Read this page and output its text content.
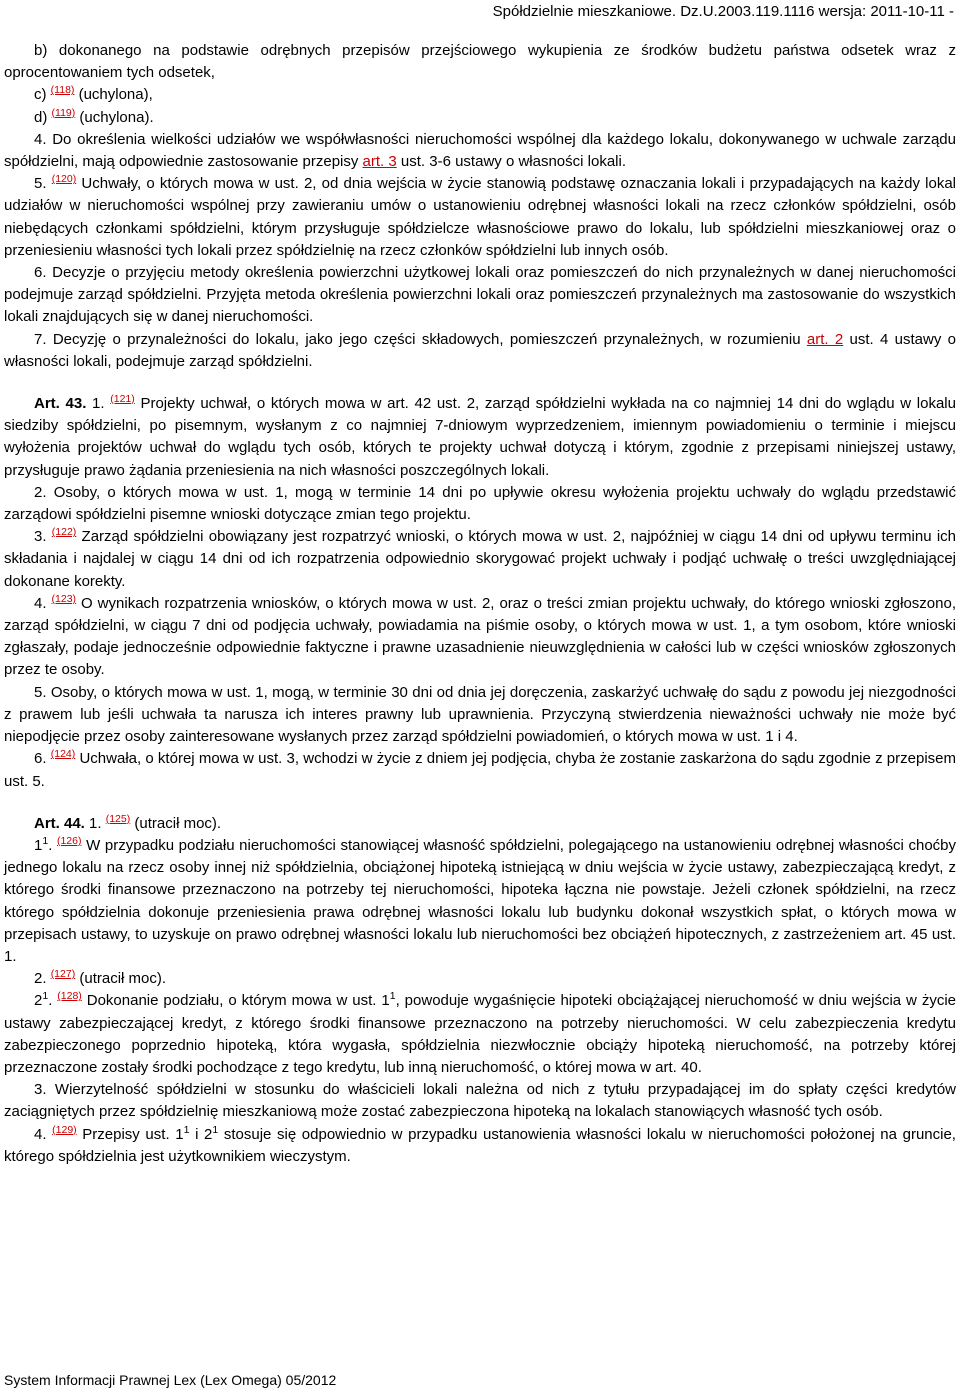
Spółdzielnie mieszkaniowe. Dz.U.2003.119.1116 wersja: 2011-10-11 -

b) dokonanego na podstawie odrębnych przepisów przejściowego wykupienia ze środków budżetu państwa odsetek wraz z oprocentowaniem tych odsetek,

c) $^{(118)}$ (uchylona),

d) $^{(119)}$ (uchylona).

4. Do określenia wielkości udziałów we współwłasności nieruchomości wspólnej dla każdego lokalu, dokonywanego w uchwale zarządu spółdzielni, mają odpowiednie zastosowanie przepisy art. 3 ust. 3-6 ustawy o własności lokali.

5. $^{(120)}$ Uchwały, o których mowa w ust. 2, od dnia wejścia w życie stanowią podstawę oznaczania lokali i przypadających na każdy lokal udziałów w nieruchomości wspólnej przy zawieraniu umów o ustanowieniu odrębnej własności lokali na rzecz członków spółdzielni, osób niebędących członkami spółdzielni, którym przysługuje spółdzielcze własnościowe prawo do lokalu, lub spółdzielni mieszkaniowej oraz o przeniesieniu własności tych lokali przez spółdzielnię na rzecz członków spółdzielni lub innych osób.

6. Decyzje o przyjęciu metody określenia powierzchni użytkowej lokali oraz pomieszczeń do nich przynależnych w danej nieruchomości podejmuje zarząd spółdzielni. Przyjęta metoda określenia powierzchni lokali oraz pomieszczeń przynależnych ma zastosowanie do wszystkich lokali znajdujących się w danej nieruchomości.

7. Decyzję o przynależności do lokalu, jako jego części składowych, pomieszczeń przynależnych, w rozumieniu art. 2 ust. 4 ustawy o własności lokali, podejmuje zarząd spółdzielni.

Art. 43. 1. $^{(121)}$ Projekty uchwał, o których mowa w art. 42 ust. 2, zarząd spółdzielni wykłada na co najmniej 14 dni do wglądu w lokalu siedziby spółdzielni, po pisemnym, wysłanym z co najmniej 7-dniowym wyprzedzeniem, imiennym powiadomieniu o terminie i miejscu wyłożenia projektów uchwał do wglądu tych osób, których te projekty uchwał dotyczą i którym, zgodnie z przepisami niniejszej ustawy, przysługuje prawo żądania przeniesienia na nich własności poszczególnych lokali.

2. Osoby, o których mowa w ust. 1, mogą w terminie 14 dni po upływie okresu wyłożenia projektu uchwały do wglądu przedstawić zarządowi spółdzielni pisemne wnioski dotyczące zmian tego projektu.

3. $^{(122)}$ Zarząd spółdzielni obowiązany jest rozpatrzyć wnioski, o których mowa w ust. 2, najpóźniej w ciągu 14 dni od upływu terminu ich składania i najdalej w ciągu 14 dni od ich rozpatrzenia odpowiednio skorygować projekt uchwały i podjąć uchwałę o treści uwzględniającej dokonane korekty.

4. $^{(123)}$ O wynikach rozpatrzenia wniosków, o których mowa w ust. 2, oraz o treści zmian projektu uchwały, do którego wnioski zgłoszono, zarząd spółdzielni, w ciągu 7 dni od podjęcia uchwały, powiadamia na piśmie osoby, o których mowa w ust. 1, a tym osobom, które wnioski zgłaszały, podaje jednocześnie odpowiednie faktyczne i prawne uzasadnienie nieuwzględnienia w całości lub w części wniosków zgłoszonych przez te osoby.

5. Osoby, o których mowa w ust. 1, mogą, w terminie 30 dni od dnia jej doręczenia, zaskarżyć uchwałę do sądu z powodu jej niezgodności z prawem lub jeśli uchwała ta narusza ich interes prawny lub uprawnienia. Przyczyną stwierdzenia nieważności uchwały nie może być niepodjęcie przez osoby zainteresowane wysłanych przez zarząd spółdzielni powiadomień, o których mowa w ust. 1 i 4.

6. $^{(124)}$ Uchwała, o której mowa w ust. 3, wchodzi w życie z dniem jej podjęcia, chyba że zostanie zaskarżona do sądu zgodnie z przepisem ust. 5.

Art. 44. 1. $^{(125)}$ (utracił moc).

$1^1$. $^{(126)}$ W przypadku podziału nieruchomości stanowiącej własność spółdzielni, polegającego na ustanowieniu odrębnej własności choćby jednego lokalu na rzecz osoby innej niż spółdzielnia, obciążonej hipoteką istniejącą w dniu wejścia w życie ustawy, zabezpieczającą kredyt, z którego środki finansowe przeznaczono na potrzeby tej nieruchomości, hipoteka łączna nie powstaje. Jeżeli członek spółdzielni, na rzecz którego spółdzielnia dokonuje przeniesienia prawa odrębnej własności lokalu lub budynku dokonał wszystkich spłat, o których mowa w przepisach ustawy, to uzyskuje on prawo odrębnej własności lokalu lub nieruchomości bez obciążeń hipotecznych, z zastrzeżeniem art. 45 ust. 1.

2. $^{(127)}$ (utracił moc).

$2^1$. $^{(128)}$ Dokonanie podziału, o którym mowa w ust. $1^1$, powoduje wygaśnięcie hipoteki obciążającej nieruchomość w dniu wejścia w życie ustawy zabezpieczającej kredyt, z którego środki finansowe przeznaczono na potrzeby nieruchomości. W celu zabezpieczenia kredytu zabezpieczonego poprzednio hipoteką, która wygasła, spółdzielnia niezwłocznie obciąży hipoteką nieruchomość, na potrzeby której przeznaczone zostały środki pochodzące z tego kredytu, lub inną nieruchomość, o której mowa w art. 40.

3. Wierzytelność spółdzielni w stosunku do właścicieli lokali należna od nich z tytułu przypadającej im do spłaty części kredytów zaciągniętych przez spółdzielnię mieszkaniową może zostać zabezpieczona hipoteką na lokalach stanowiących własność tych osób.

4. $^{(129)}$ Przepisy ust. $1^1$ i $2^1$ stosuje się odpowiednio w przypadku ustanowienia własności lokalu w nieruchomości położonej na gruncie, którego spółdzielnia jest użytkownikiem wieczystym.

System Informacji Prawnej Lex (Lex Omega) 05/2012
